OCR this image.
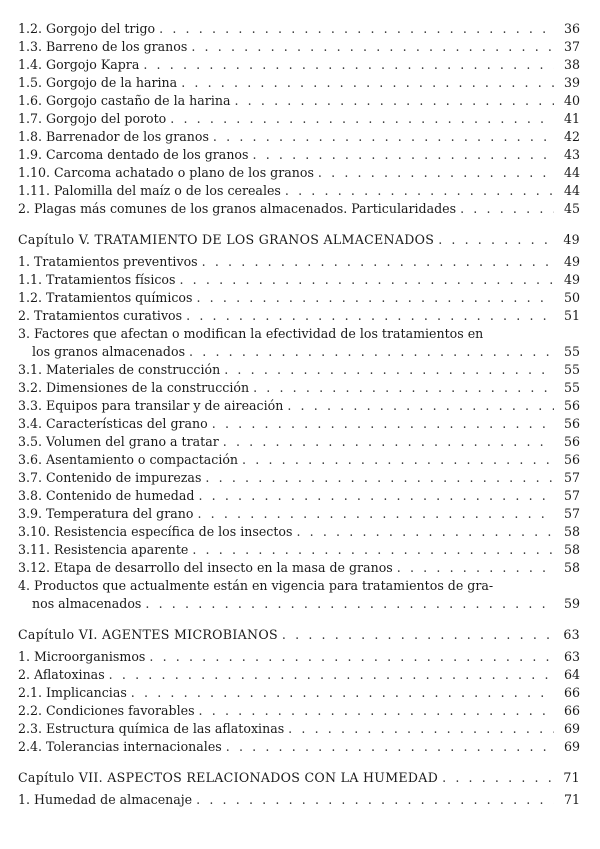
1.2. Gorgojo del trigo . . .	36
1.3. Barreno de los granos . . .	37
1.4. Gorgojo Kapra . . .	38
1.5. Gorgojo de la harina . . .	39
1.6. Gorgojo castaño de la harina . . .	40
1.7. Gorgojo del poroto . . .	41
1.8. Barrenador de los granos . . .	42
1.9. Carcoma dentado de los granos . . .	43
1.10. Carcoma achatado o plano de los granos . . .	44
1.11. Palomilla del maíz o de los cereales . . .	44
2. Plagas más comunes de los granos almacenados. Particularidades . . .	45
Capítulo V. TRATAMIENTO DE LOS GRANOS ALMACENADOS . . .	49
1. Tratamientos preventivos . . .	49
1.1. Tratamientos físicos . . .	49
1.2. Tratamientos químicos . . .	50
2. Tratamientos curativos . . .	51
3. Factores que afectan o modifican la efectividad de los tratamientos en
los granos almacenados . . .	55
3.1. Materiales de construcción . . .	55
3.2. Dimensiones de la construcción . . .	55
3.3. Equipos para transilar y de aireación . . .	56
3.4. Características del grano . . .	56
3.5. Volumen del grano a tratar . . .	56
3.6. Asentamiento o compactación . . .	56
3.7. Contenido de impurezas . . .	57
3.8. Contenido de humedad . . .	57
3.9. Temperatura del grano . . .	57
3.10. Resistencia específica de los insectos . . .	58
3.11. Resistencia aparente . . .	58
3.12. Etapa de desarrollo del insecto en la masa de granos . . .	58
4. Productos que actualmente están en vigencia para tratamientos de gra-
nos almacenados . . .	59
Capítulo VI. AGENTES MICROBIANOS . . .	63
1. Microorganismos . . .	63
2. Aflatoxinas . . .	64
2.1. Implicancias . . .	66
2.2. Condiciones favorables . . .	66
2.3. Estructura química de las aflatoxinas . . .	69
2.4. Tolerancias internacionales . . .	69
Capítulo VII. ASPECTOS RELACIONADOS CON LA HUMEDAD . . .	71
1. Humedad de almacenaje . . .	71
